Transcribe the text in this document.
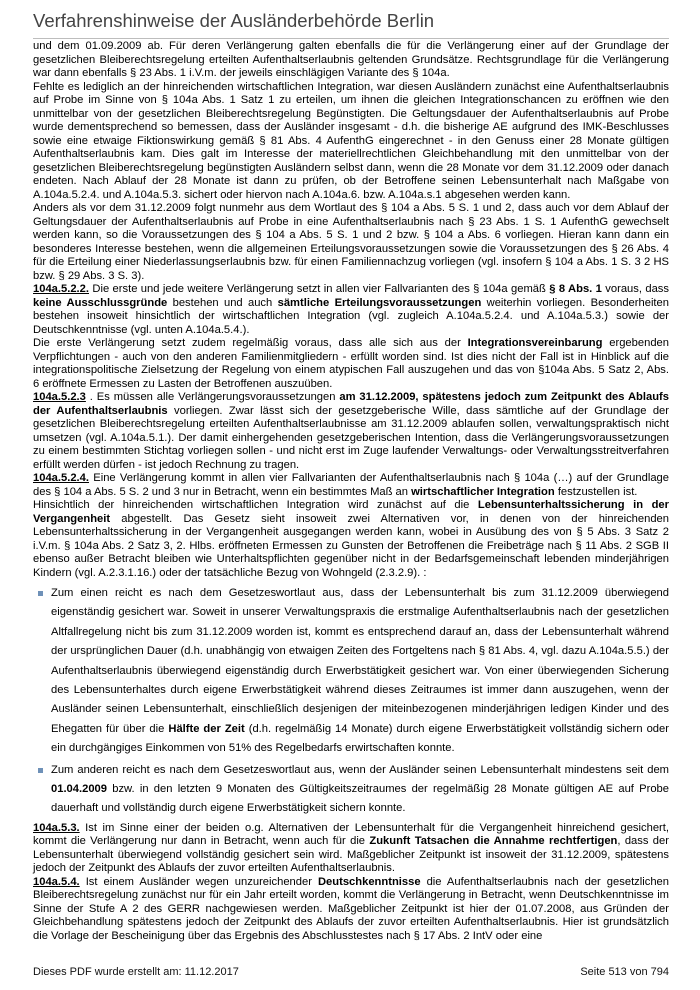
Verfahrenshinweise der Ausländerbehörde Berlin

und dem 01.09.2009 ab. Für deren Verlängerung galten ebenfalls die für die Verlängerung einer auf der Grundlage der gesetzlichen Bleiberechtsregelung erteilten Aufenthaltserlaubnis geltenden Grundsätze. Rechtsgrundlage für die Verlängerung war dann ebenfalls § 23 Abs. 1 i.V.m. der jeweils einschlägigen Variante des § 104a.

Fehlte es lediglich an der hinreichenden wirtschaftlichen Integration, war diesen Ausländern zunächst eine Aufenthaltserlaubnis auf Probe im Sinne von § 104a Abs. 1 Satz 1 zu erteilen, um ihnen die gleichen Integrationschancen zu eröffnen wie den unmittelbar von der gesetzlichen Bleiberechtsregelung Begünstigten. Die Geltungsdauer der Aufenthaltserlaubnis auf Probe wurde dementsprechend so bemessen, dass der Ausländer insgesamt - d.h. die bisherige AE aufgrund des IMK-Beschlusses sowie eine etwaige Fiktionswirkung gemäß § 81 Abs. 4 AufenthG eingerechnet - in den Genuss einer 28 Monate gültigen Aufenthaltserlaubnis kam. Dies galt im Interesse der materiellrechtlichen Gleichbehandlung mit den unmittelbar von der gesetzlichen Bleiberechtsregelung begünstigten Ausländern selbst dann, wenn die 28 Monate vor dem 31.12.2009 oder danach endeten. Nach Ablauf der 28 Monate ist dann zu prüfen, ob der Betroffene seinen Lebensunterhalt nach Maßgabe von A.104a.5.2.4. und A.104a.5.3. sichert oder hiervon nach A.104a.6. bzw. A.104a.s.1 abgesehen werden kann.

Anders als vor dem 31.12.2009 folgt nunmehr aus dem Wortlaut des § 104 a Abs. 5 S. 1 und 2, dass auch vor dem Ablauf der Geltungsdauer der Aufenthaltserlaubnis auf Probe in eine Aufenthaltserlaubnis nach § 23 Abs. 1 S. 1 AufenthG gewechselt werden kann, so die Voraussetzungen des § 104 a Abs. 5 S. 1 und 2 bzw. § 104 a Abs. 6 vorliegen. Hieran kann dann ein besonderes Interesse bestehen, wenn die allgemeinen Erteilungsvoraussetzungen sowie die Voraussetzungen des § 26 Abs. 4 für die Erteilung einer Niederlassungserlaubnis bzw. für einen Familiennachzug vorliegen (vgl. insofern § 104 a Abs. 1 S. 3 2 HS bzw. § 29 Abs. 3 S. 3).

104a.5.2.2. Die erste und jede weitere Verlängerung setzt in allen vier Fallvarianten des § 104a gemäß § 8 Abs. 1 voraus, dass keine Ausschlussgründe bestehen und auch sämtliche Erteilungsvoraussetzungen weiterhin vorliegen. Besonderheiten bestehen insoweit hinsichtlich der wirtschaftlichen Integration (vgl. zugleich A.104a.5.2.4. und A.104a.5.3.) sowie der Deutschkenntnisse (vgl. unten A.104a.5.4.).

Die erste Verlängerung setzt zudem regelmäßig voraus, dass alle sich aus der Integrationsvereinbarung ergebenden Verpflichtungen - auch von den anderen Familienmitgliedern - erfüllt worden sind. Ist dies nicht der Fall ist in Hinblick auf die integrationspolitische Zielsetzung der Regelung von einem atypischen Fall auszugehen und das von §104a Abs. 5 Satz 2, Abs. 6 eröffnete Ermessen zu Lasten der Betroffenen auszuüben.

104a.5.2.3 . Es müssen alle Verlängerungsvoraussetzungen am 31.12.2009, spätestens jedoch zum Zeitpunkt des Ablaufs der Aufenthaltserlaubnis vorliegen. Zwar lässt sich der gesetzgeberische Wille, dass sämtliche auf der Grundlage der gesetzlichen Bleiberechtsregelung erteilten Aufenthaltserlaubnisse am 31.12.2009 ablaufen sollen, verwaltungspraktisch nicht umsetzen (vgl. A.104a.5.1.). Der damit einhergehenden gesetzgeberischen Intention, dass die Verlängerungsvoraussetzungen zu einem bestimmten Stichtag vorliegen sollen - und nicht erst im Zuge laufender Verwaltungs- oder Verwaltungsstreitverfahren erfüllt werden dürfen - ist jedoch Rechnung zu tragen.

104a.5.2.4. Eine Verlängerung kommt in allen vier Fallvarianten der Aufenthaltserlaubnis nach § 104a (…) auf der Grundlage des § 104 a Abs. 5 S. 2 und 3 nur in Betracht, wenn ein bestimmtes Maß an wirtschaftlicher Integration festzustellen ist.

Hinsichtlich der hinreichenden wirtschaftlichen Integration wird zunächst auf die Lebensunterhaltssicherung in der Vergangenheit abgestellt. Das Gesetz sieht insoweit zwei Alternativen vor, in denen von der hinreichenden Lebensunterhaltssicherung in der Vergangenheit ausgegangen werden kann, wobei in Ausübung des von § 5 Abs. 3 Satz 2 i.V.m. § 104a Abs. 2 Satz 3, 2. Hlbs. eröffneten Ermessen zu Gunsten der Betroffenen die Freibeträge nach § 11 Abs. 2 SGB II ebenso außer Betracht bleiben wie Unterhaltspflichten gegenüber nicht in der Bedarfsgemeinschaft lebenden minderjährigen Kindern (vgl. A.2.3.1.16.) oder der tatsächliche Bezug von Wohngeld (2.3.2.9). :

Zum einen reicht es nach dem Gesetzeswortlaut aus, dass der Lebensunterhalt bis zum 31.12.2009 überwiegend eigenständig gesichert war. Soweit in unserer Verwaltungspraxis die erstmalige Aufenthaltserlaubnis nach der gesetzlichen Altfallregelung nicht bis zum 31.12.2009 worden ist, kommt es entsprechend darauf an, dass der Lebensunterhalt während der ursprünglichen Dauer (d.h. unabhängig von etwaigen Zeiten des Fortgeltens nach § 81 Abs. 4, vgl. dazu A.104a.5.5.) der Aufenthaltserlaubnis überwiegend eigenständig durch Erwerbstätigkeit gesichert war. Von einer überwiegenden Sicherung des Lebensunterhaltes durch eigene Erwerbstätigkeit während dieses Zeitraumes ist immer dann auszugehen, wenn der Ausländer seinen Lebensunterhalt, einschließlich desjenigen der miteinbezogenen minderjährigen ledigen Kinder und des Ehegatten für über die Hälfte der Zeit (d.h. regelmäßig 14 Monate) durch eigene Erwerbstätigkeit vollständig sichern oder ein durchgängiges Einkommen von 51% des Regelbedarfs erwirtschaften konnte.
Zum anderen reicht es nach dem Gesetzeswortlaut aus, wenn der Ausländer seinen Lebensunterhalt mindestens seit dem 01.04.2009 bzw. in den letzten 9 Monaten des Gültigkeitszeitraumes der regelmäßig 28 Monate gültigen AE auf Probe dauerhaft und vollständig durch eigene Erwerbstätigkeit sichern konnte.

104a.5.3. Ist im Sinne einer der beiden o.g. Alternativen der Lebensunterhalt für die Vergangenheit hinreichend gesichert, kommt die Verlängerung nur dann in Betracht, wenn auch für die Zukunft Tatsachen die Annahme rechtfertigen, dass der Lebensunterhalt überwiegend vollständig gesichert sein wird. Maßgeblicher Zeitpunkt ist insoweit der 31.12.2009, spätestens jedoch der Zeitpunkt des Ablaufs der zuvor erteilten Aufenthaltserlaubnis.

104a.5.4. Ist einem Ausländer wegen unzureichender Deutschkenntnisse die Aufenthaltserlaubnis nach der gesetzlichen Bleiberechtsregelung zunächst nur für ein Jahr erteilt worden, kommt die Verlängerung in Betracht, wenn Deutschkenntnisse im Sinne der Stufe A 2 des GERR nachgewiesen werden. Maßgeblicher Zeitpunkt ist hier der 01.07.2008, aus Gründen der Gleichbehandlung spätestens jedoch der Zeitpunkt des Ablaufs der zuvor erteilten Aufenthaltserlaubnis. Hier ist grundsätzlich die Vorlage der Bescheinigung über das Ergebnis des Abschlusstestes nach § 17 Abs. 2 IntV oder eine

Dieses PDF wurde erstellt am: 11.12.2017	Seite 513 von 794
